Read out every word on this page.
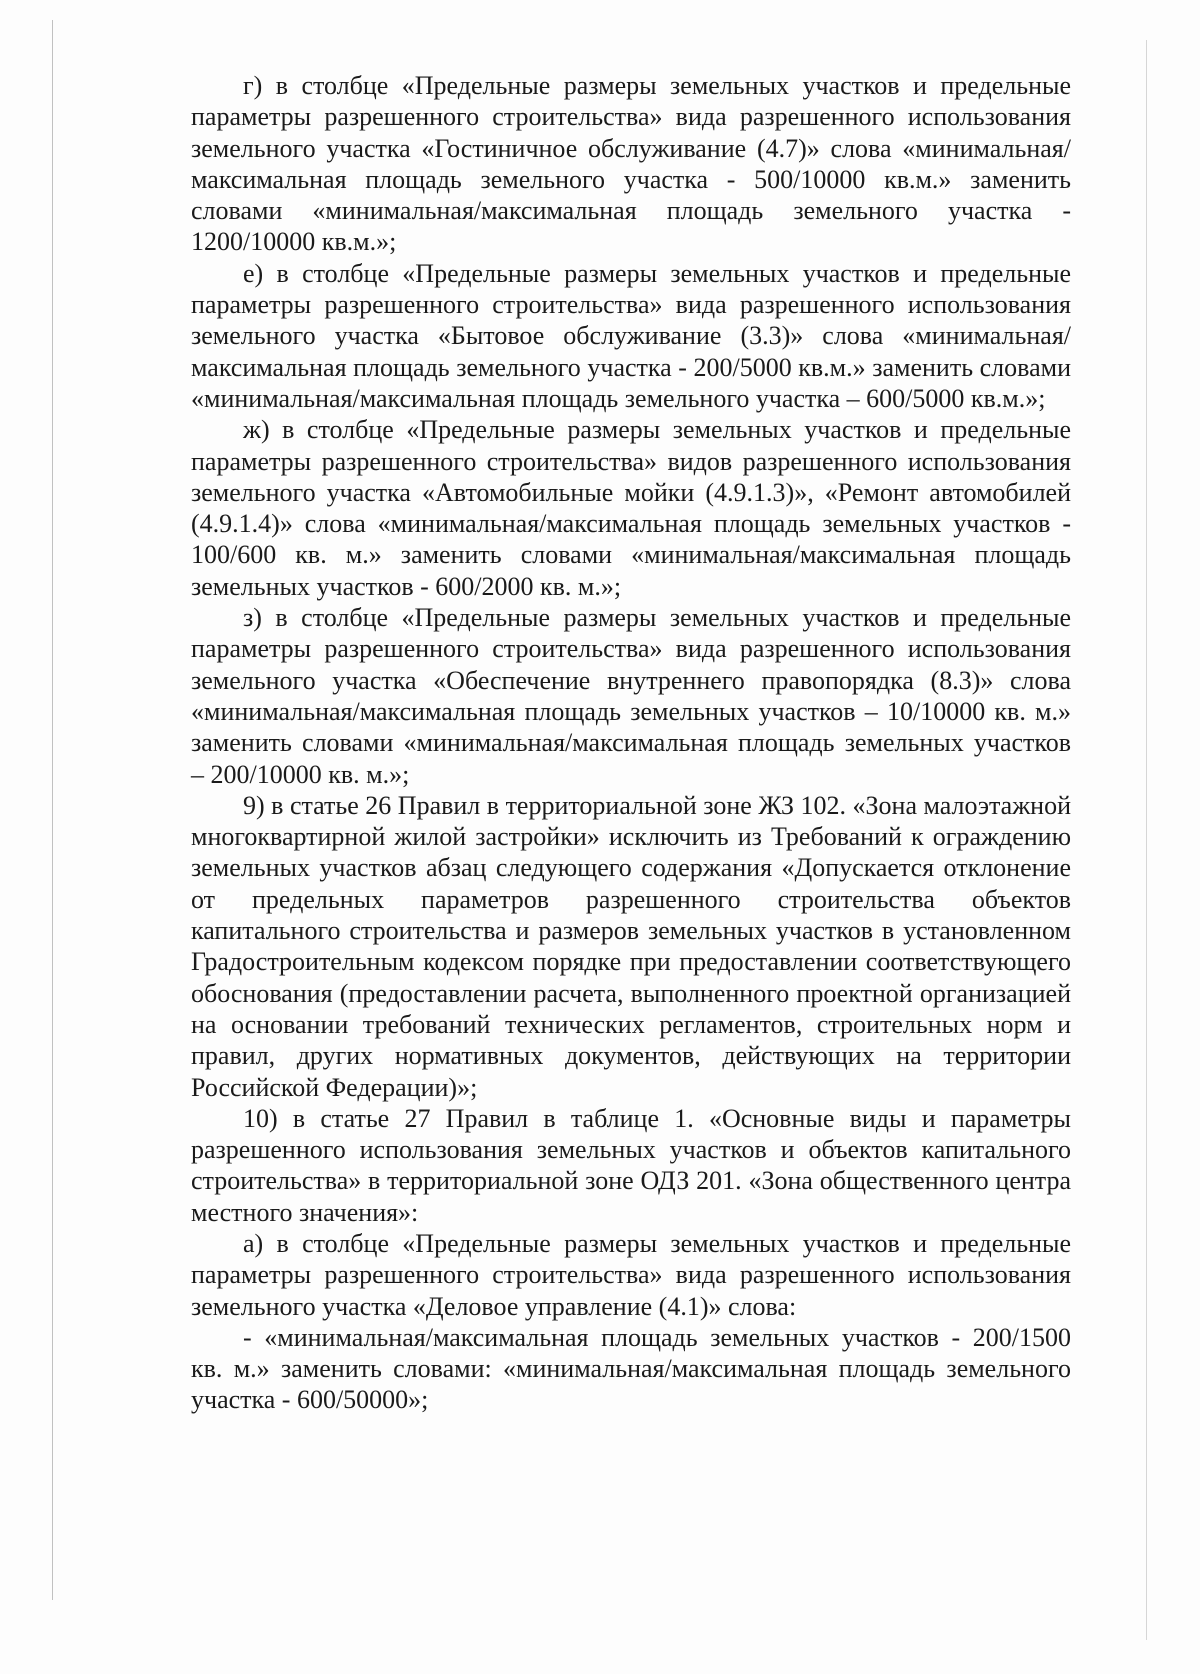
г) в столбце «Предельные размеры земельных участков и предельные параметры разрешенного строительства» вида разрешенного использования земельного участка «Гостиничное обслуживание (4.7)» слова «минимальная/максимальная площадь земельного участка - 500/10000 кв.м.» заменить словами «минимальная/максимальная площадь земельного участка - 1200/10000 кв.м.»;

е) в столбце «Предельные размеры земельных участков и предельные параметры разрешенного строительства» вида разрешенного использования земельного участка «Бытовое обслуживание (3.3)» слова «минимальная/максимальная площадь земельного участка - 200/5000 кв.м.» заменить словами «минимальная/максимальная площадь земельного участка – 600/5000 кв.м.»;

ж) в столбце «Предельные размеры земельных участков и предельные параметры разрешенного строительства» видов разрешенного использования земельного участка «Автомобильные мойки (4.9.1.3)», «Ремонт автомобилей (4.9.1.4)» слова «минимальная/максимальная площадь земельных участков - 100/600 кв. м.» заменить словами «минимальная/максимальная площадь земельных участков - 600/2000 кв. м.»;

з) в столбце «Предельные размеры земельных участков и предельные параметры разрешенного строительства» вида разрешенного использования земельного участка «Обеспечение внутреннего правопорядка (8.3)» слова «минимальная/максимальная площадь земельных участков – 10/10000 кв. м.» заменить словами «минимальная/максимальная площадь земельных участков – 200/10000 кв. м.»;

9) в статье 26 Правил в территориальной зоне ЖЗ 102. «Зона малоэтажной многоквартирной жилой застройки» исключить из Требований к ограждению земельных участков абзац следующего содержания «Допускается отклонение от предельных параметров разрешенного строительства объектов капитального строительства и размеров земельных участков в установленном Градостроительным кодексом порядке при предоставлении соответствующего обоснования (предоставлении расчета, выполненного проектной организацией на основании требований технических регламентов, строительных норм и правил, других нормативных документов, действующих на территории Российской Федерации)»;

10) в статье 27 Правил в таблице 1. «Основные виды и параметры разрешенного использования земельных участков и объектов капитального строительства» в территориальной зоне ОДЗ 201. «Зона общественного центра местного значения»:

а) в столбце «Предельные размеры земельных участков и предельные параметры разрешенного строительства» вида разрешенного использования земельного участка «Деловое управление (4.1)» слова:

- «минимальная/максимальная площадь земельных участков - 200/1500 кв. м.» заменить словами: «минимальная/максимальная площадь земельного участка - 600/50000»;
